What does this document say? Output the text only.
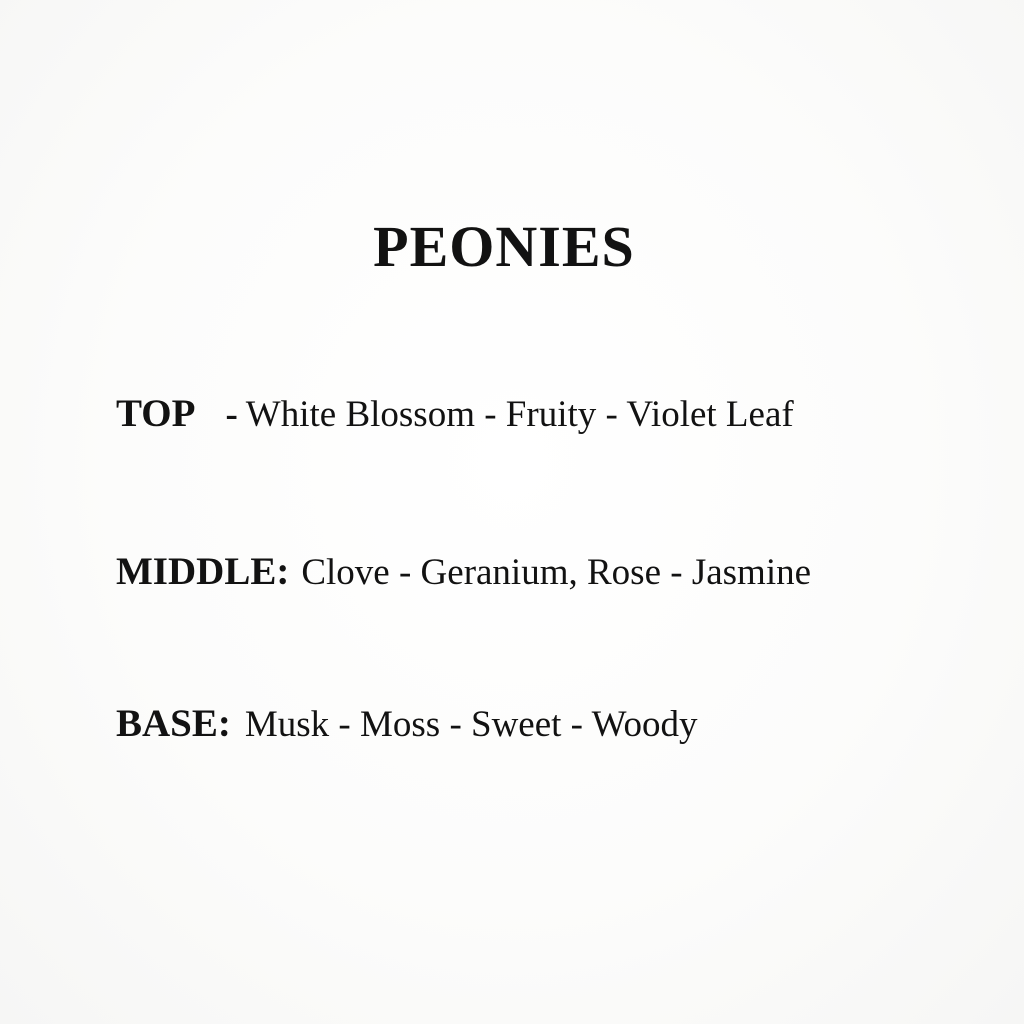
PEONIES
TOP - White Blossom - Fruity - Violet Leaf
MIDDLE: Clove - Geranium, Rose - Jasmine
BASE: Musk - Moss - Sweet - Woody
